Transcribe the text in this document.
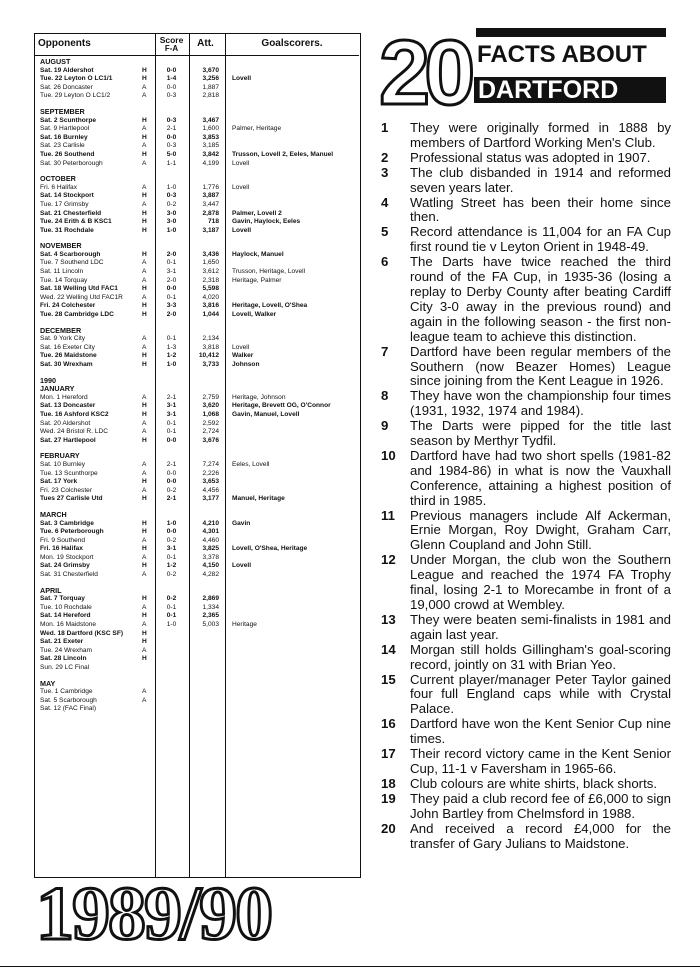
Opponents	Score
F-A	Att.	Goalscorers.
AUGUST
Sat. 19 Aldershot	H	0-0	3,670
Tue. 22 Leyton O LC1/1	H	1-4	3,256 Lovell
Sat. 26 Doncaster	A	0-0	1,887
Tue. 29 Leyton O LC1/2	A	0-3	2,818
SEPTEMBER
Sat. 2 Scunthorpe	H	0-3	3,467
Sat. 9 Hartlepool	A	2-1	1,600 Palmer, Heritage
Sat. 16 Burnley	H	0-0	3,853
Sat. 23 Carlisle	A	0-3	3,185
Tue. 26 Southend	H	5-0	3,842 Trusson, Lovell 2, Eeles, Manuel
Sat. 30 Peterborough	A	1-1	4,199 Lovell
OCTOBER
Fri. 6 Halifax	A	1-0	1,776 Lovell
Sat. 14 Stockport	H	0-3	3,887
Tue. 17 Grimsby	A	0-2	3,447
Sat. 21 Chesterfield	H	3-0	2,878 Palmer, Lovell 2
Tue. 24 Erith & B KSC1	H	3-0	718 Gavin, Haylock, Eeles
Tue. 31 Rochdale	H	1-0	3,187 Lovell
NOVEMBER
Sat. 4 Scarborough	H	2-0	3,436 Haylock, Manuel
Tue. 7 Southend LDC	A	0-1	1,650
Sat. 11 Lincoln	A	3-1	3,612 Trusson, Heritage, Lovell
Tue. 14 Torquay	A	2-0	2,318 Heritage, Palmer
Sat. 18 Welling Utd FAC1	H	0-0	5,598
Wed. 22 Welling Utd FAC1R	A	0-1	4,020
Fri. 24 Colchester	H	3-3	3,816 Heritage, Lovell, O'Shea
Tue. 28 Cambridge LDC	H	2-0	1,044 Lovell, Walker
DECEMBER
Sat. 9 York City	A	0-1	2,134
Sat. 16 Exeter City	A	1-3	3,818 Lovell
Tue. 26 Maidstone	H	1-2	10,412 Walker
Sat. 30 Wrexham	H	1-0	3,733 Johnson
1990
JANUARY
Mon. 1 Hereford	A	2-1	2,759 Heritage, Johnson
Sat. 13 Doncaster	H	3-1	3,620 Heritage, Brevett OG, O'Connor
Tue. 16 Ashford KSC2	H	3-1	1,068 Gavin, Manuel, Lovell
Sat. 20 Aldershot	A	0-1	2,592
Wed. 24 Bristol R. LDC	A	0-1	2,724
Sat. 27 Hartlepool	H	0-0	3,676
FEBRUARY
Sat. 10 Burnley	A	2-1	7,274 Eeles, Lovell
Tue. 13 Scunthorpe	A	0-0	2,226
Sat. 17 York	H	0-0	3,653
Fri. 23 Colchester	A	0-2	4,456
Tues 27 Carlisle Utd	H	2-1	3,177 Manuel, Heritage
MARCH
Sat. 3 Cambridge	H	1-0	4,210 Gavin
Tue. 6 Peterborough	H	0-0	4,301
Fri. 9 Southend	A	0-2	4,460
Fri. 16 Halifax	H	3-1	3,825 Lovell, O'Shea, Heritage
Mon. 19 Stockport	A	0-1	3,378
Sat. 24 Grimsby	H	1-2	4,150 Lovell
Sat. 31 Chesterfield	A	0-2	4,282
APRIL
Sat. 7 Torquay	H	0-2	2,869
Tue. 10 Rochdale	A	0-1	1,334
Sat. 14 Hereford	H	0-1	2,365
Mon. 16 Maidstone	A	1-0	5,003 Heritage
Wed. 18 Dartford (KSC SF)	H
Sat. 21 Exeter	H
Tue. 24 Wrexham	A
Sat. 28 Lincoln	H
Sun. 29 LC Final
MAY
Tue. 1 Cambridge	A
Sat. 5 Scarborough	A
Sat. 12 (FAC Final)
1989/90
20 FACTS ABOUT
DARTFORD
1	They were originally formed in 1888 by members of Dartford Working Men's Club.
2	Professional status was adopted in 1907.
3	The club disbanded in 1914 and reformed seven years later.
4	Watling Street has been their home since then.
5	Record attendance is 11,004 for an FA Cup first round tie v Leyton Orient in 1948-49.
6	The Darts have twice reached the third round of the FA Cup, in 1935-36 (losing a replay to Derby County after beating Cardiff City 3-0 away in the previous round) and again in the following season - the first non-league team to achieve this distinction.
7	Dartford have been regular members of the Southern (now Beazer Homes) League since joining from the Kent League in 1926.
8	They have won the championship four times (1931, 1932, 1974 and 1984).
9	The Darts were pipped for the title last season by Merthyr Tydfil.
10	Dartford have had two short spells (1981-82 and 1984-86) in what is now the Vauxhall Conference, attaining a highest position of third in 1985.
11	Previous managers include Alf Ackerman, Ernie Morgan, Roy Dwight, Graham Carr, Glenn Coupland and John Still.
12	Under Morgan, the club won the Southern League and reached the 1974 FA Trophy final, losing 2-1 to Morecambe in front of a 19,000 crowd at Wembley.
13	They were beaten semi-finalists in 1981 and again last year.
14	Morgan still holds Gillingham's goal-scoring record, jointly on 31 with Brian Yeo.
15	Current player/manager Peter Taylor gained four full England caps while with Crystal Palace.
16	Dartford have won the Kent Senior Cup nine times.
17	Their record victory came in the Kent Senior Cup, 11-1 v Faversham in 1965-66.
18	Club colours are white shirts, black shorts.
19	They paid a club record fee of £6,000 to sign John Bartley from Chelmsford in 1988.
20	And received a record £4,000 for the transfer of Gary Julians to Maidstone.
